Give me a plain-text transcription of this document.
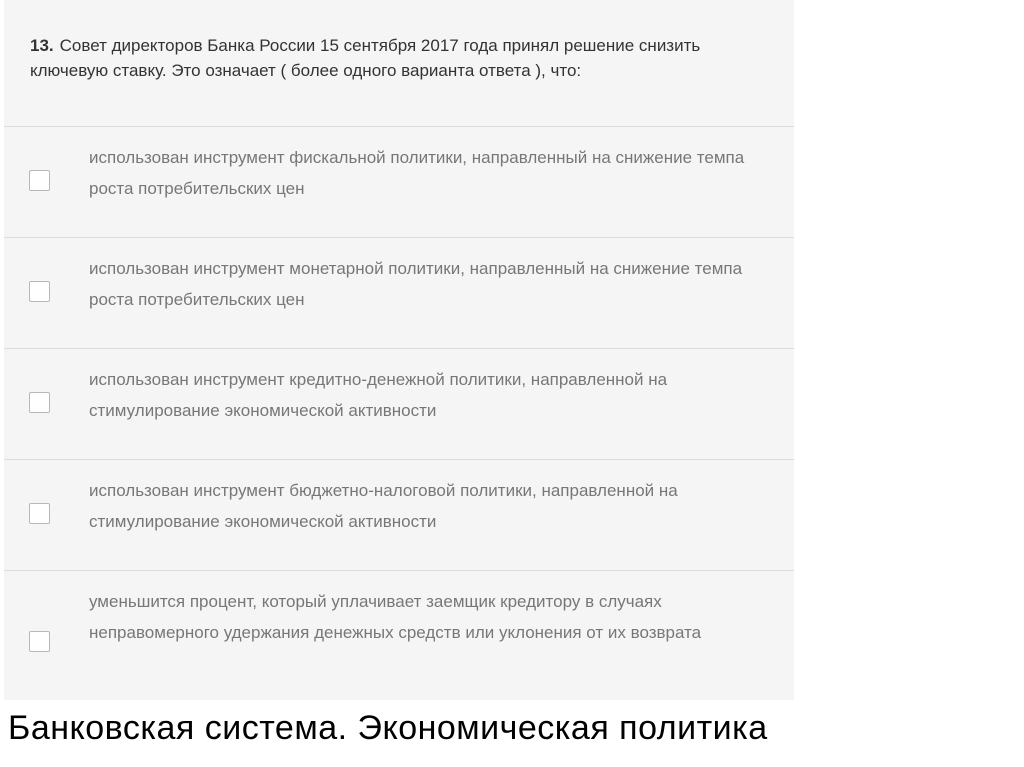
13. Совет директоров Банка России 15 сентября 2017 года принял решение снизить ключевую ставку. Это означает ( более одного варианта ответа ), что:
использован инструмент фискальной политики, направленный на снижение темпа роста потребительских цен
использован инструмент монетарной политики, направленный на снижение темпа роста потребительских цен
использован инструмент кредитно-денежной политики, направленной на стимулирование экономической активности
использован инструмент бюджетно-налоговой политики, направленной на стимулирование экономической активности
уменьшится процент, который уплачивает заемщик кредитору в случаях неправомерного удержания денежных средств или уклонения от их возврата
Банковская система. Экономическая политика
